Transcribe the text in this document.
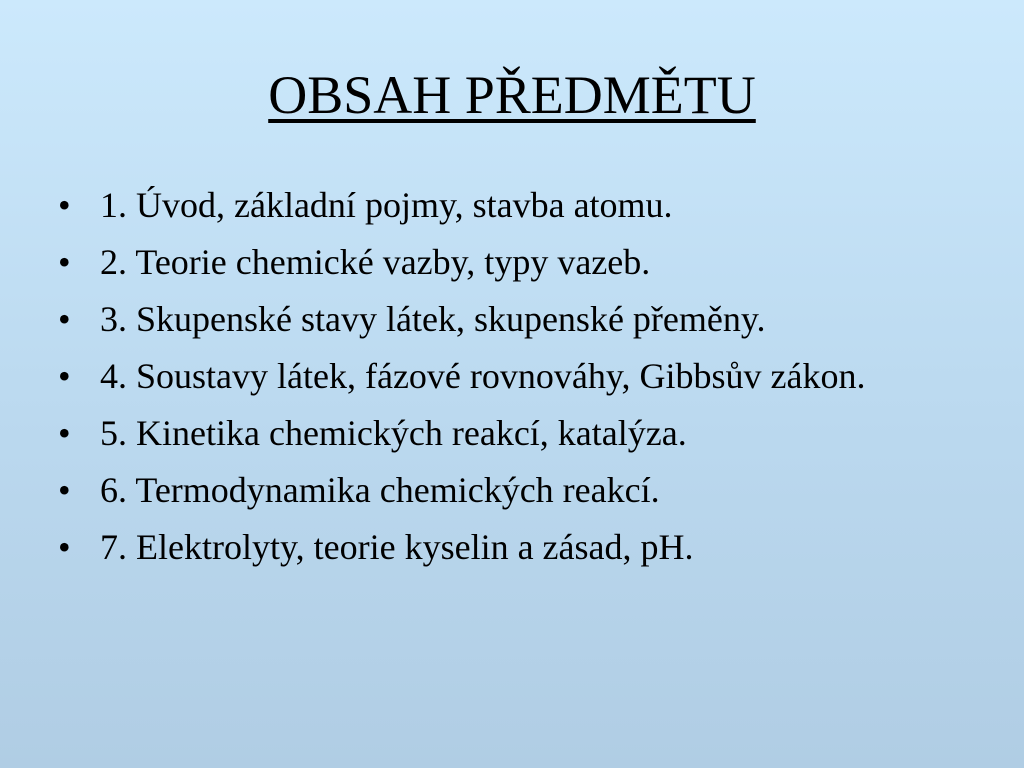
OBSAH PŘEDMĚTU
• 1. Úvod, základní pojmy, stavba atomu.
• 2. Teorie chemické vazby, typy vazeb.
• 3. Skupenské stavy látek, skupenské přeměny.
• 4. Soustavy látek, fázové rovnováhy, Gibbsův zákon.
• 5. Kinetika chemických reakcí, katalýza.
• 6. Termodynamika chemických reakcí.
• 7. Elektrolyty, teorie kyselin a zásad, pH.
